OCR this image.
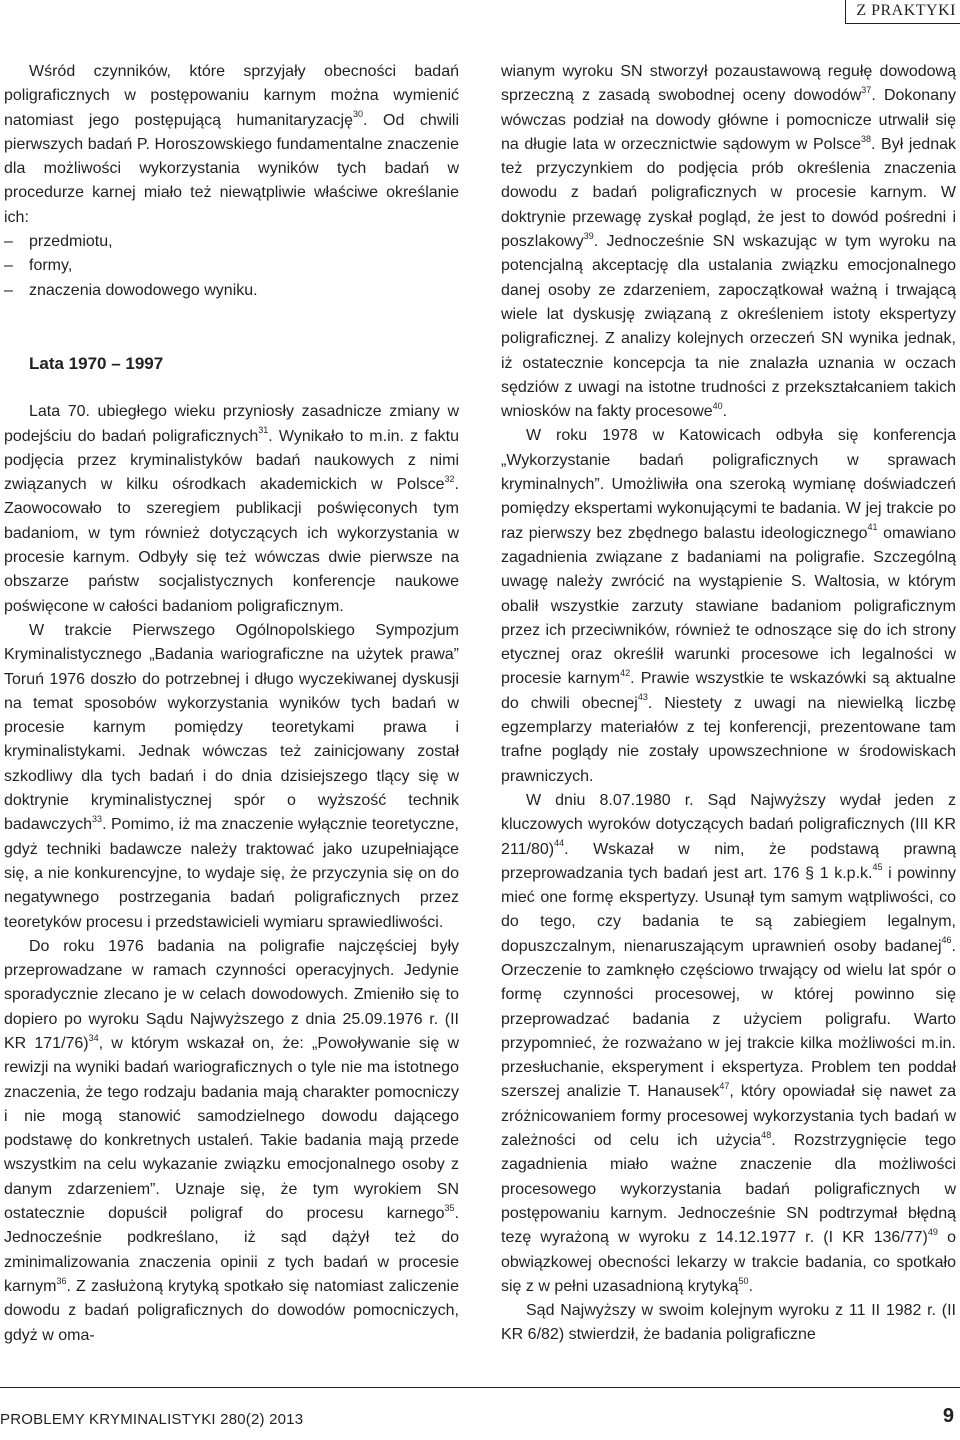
Z PRAKTYKI

Wśród czynników, które sprzyjały obecności badań poligraficznych w postępowaniu karnym można wymienić natomiast jego postępującą humanitaryzację$^{30}$. Od chwili pierwszych badań P. Horoszowskiego fundamentalne znaczenie dla możliwości wykorzystania wyników tych badań w procedurze karnej miało też niewątpliwie właściwe określanie ich:

– przedmiotu,
– formy,
– znaczenia dowodowego wyniku.

Lata 1970 – 1997

Lata 70. ubiegłego wieku przyniosły zasadnicze zmiany w podejściu do badań poligraficznych$^{31}$. Wynikało to m.in. z faktu podjęcia przez kryminalistyków badań naukowych z nimi związanych w kilku ośrodkach akademickich w Polsce$^{32}$. Zaowocowało to szeregiem publikacji poświęconych tym badaniom, w tym również dotyczących ich wykorzystania w procesie karnym. Odbyły się też wówczas dwie pierwsze na obszarze państw socjalistycznych konferencje naukowe poświęcone w całości badaniom poligraficznym.

W trakcie Pierwszego Ogólnopolskiego Sympozjum Kryminalistycznego „Badania wariograficzne na użytek prawa” Toruń 1976 doszło do potrzebnej i długo wyczekiwanej dyskusji na temat sposobów wykorzystania wyników tych badań w procesie karnym pomiędzy teoretykami prawa i kryminalistykami. Jednak wówczas też zainicjowany został szkodliwy dla tych badań i do dnia dzisiejszego tlący się w doktrynie kryminalistycznej spór o wyższość technik badawczych$^{33}$. Pomimo, iż ma znaczenie wyłącznie teoretyczne, gdyż techniki badawcze należy traktować jako uzupełniające się, a nie konkurencyjne, to wydaje się, że przyczynia się on do negatywnego postrzegania badań poligraficznych przez teoretyków procesu i przedstawicieli wymiaru sprawiedliwości.

Do roku 1976 badania na poligrafie najczęściej były przeprowadzane w ramach czynności operacyjnych. Jedynie sporadycznie zlecano je w celach dowodowych. Zmieniło się to dopiero po wyroku Sądu Najwyższego z dnia 25.09.1976 r. (II KR 171/76)$^{34}$, w którym wskazał on, że: „Powoływanie się w rewizji na wyniki badań wariograficznych o tyle nie ma istotnego znaczenia, że tego rodzaju badania mają charakter pomocniczy i nie mogą stanowić samodzielnego dowodu dającego podstawę do konkretnych ustaleń. Takie badania mają przede wszystkim na celu wykazanie związku emocjonalnego osoby z danym zdarzeniem”. Uznaje się, że tym wyrokiem SN ostatecznie dopuścił poligraf do procesu karnego$^{35}$. Jednocześnie podkreślano, iż sąd dążył też do zminimalizowania znaczenia opinii z tych badań w procesie karnym$^{36}$. Z zasłużoną krytyką spotkało się natomiast zaliczenie dowodu z badań poligraficznych do dowodów pomocniczych, gdyż w oma-

wianym wyroku SN stworzył pozaustawową regułę dowodową sprzeczną z zasadą swobodnej oceny dowodów$^{37}$. Dokonany wówczas podział na dowody główne i pomocnicze utrwalił się na długie lata w orzecznictwie sądowym w Polsce$^{38}$. Był jednak też przyczynkiem do podjęcia prób określenia znaczenia dowodu z badań poligraficznych w procesie karnym. W doktrynie przewagę zyskał pogląd, że jest to dowód pośredni i poszlakowy$^{39}$. Jednocześnie SN wskazując w tym wyroku na potencjalną akceptację dla ustalania związku emocjonalnego danej osoby ze zdarzeniem, zapoczątkował ważną i trwającą wiele lat dyskusję związaną z określeniem istoty ekspertyzy poligraficznej. Z analizy kolejnych orzeczeń SN wynika jednak, iż ostatecznie koncepcja ta nie znalazła uznania w oczach sędziów z uwagi na istotne trudności z przekształcaniem takich wniosków na fakty procesowe$^{40}$.

W roku 1978 w Katowicach odbyła się konferencja „Wykorzystanie badań poligraficznych w sprawach kryminalnych”. Umożliwiła ona szeroką wymianę doświadczeń pomiędzy ekspertami wykonującymi te badania. W jej trakcie po raz pierwszy bez zbędnego balastu ideologicznego$^{41}$ omawiano zagadnienia związane z badaniami na poligrafie. Szczególną uwagę należy zwrócić na wystąpienie S. Waltosia, w którym obalił wszystkie zarzuty stawiane badaniom poligraficznym przez ich przeciwników, również te odnoszące się do ich strony etycznej oraz określił warunki procesowe ich legalności w procesie karnym$^{42}$. Prawie wszystkie te wskazówki są aktualne do chwili obecnej$^{43}$. Niestety z uwagi na niewielką liczbę egzemplarzy materiałów z tej konferencji, prezentowane tam trafne poglądy nie zostały upowszechnione w środowiskach prawniczych.

W dniu 8.07.1980 r. Sąd Najwyższy wydał jeden z kluczowych wyroków dotyczących badań poligraficznych (III KR 211/80)$^{44}$. Wskazał w nim, że podstawą prawną przeprowadzania tych badań jest art. 176 § 1 k.p.k.$^{45}$ i powinny mieć one formę ekspertyzy. Usunął tym samym wątpliwości, co do tego, czy badania te są zabiegiem legalnym, dopuszczalnym, nienaruszającym uprawnień osoby badanej$^{46}$. Orzeczenie to zamknęło częściowo trwający od wielu lat spór o formę czynności procesowej, w której powinno się przeprowadzać badania z użyciem poligrafu. Warto przypomnieć, że rozważano w jej trakcie kilka możliwości m.in. przesłuchanie, eksperyment i ekspertyza. Problem ten poddał szerszej analizie T. Hanausek$^{47}$, który opowiadał się nawet za zróżnicowaniem formy procesowej wykorzystania tych badań w zależności od celu ich użycia$^{48}$. Rozstrzygnięcie tego zagadnienia miało ważne znaczenie dla możliwości procesowego wykorzystania badań poligraficznych w postępowaniu karnym. Jednocześnie SN podtrzymał błędną tezę wyrażoną w wyroku z 14.12.1977 r. (I KR 136/77)$^{49}$ o obwiązkowej obecności lekarzy w trakcie badania, co spotkało się z w pełni uzasadnioną krytyką$^{50}$.

Sąd Najwyższy w swoim kolejnym wyroku z 11 II 1982 r. (II KR 6/82) stwierdził, że badania poligraficzne

PROBLEMY KRYMINALISTYKI 280(2) 2013	9
